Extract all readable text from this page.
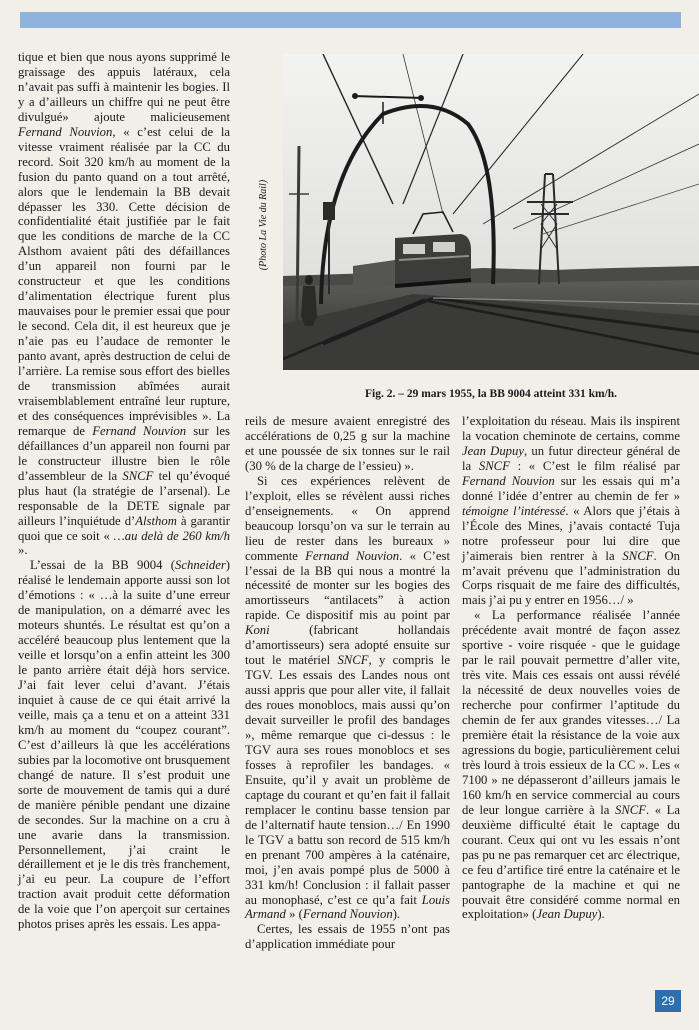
tique et bien que nous ayons supprimé le graissage des appuis latéraux, cela n’avait pas suffi à maintenir les bogies. Il y a d’ailleurs un chiffre qui ne peut être divulgué» ajoute malicieusement Fernand Nouvion, « c’est celui de la vitesse vraiment réalisée par la CC du record. Soit 320 km/h au moment de la fusion du panto quand on a tout arrêté, alors que le lendemain la BB devait dépasser les 330. Cette décision de confidentialité était justifiée par le fait que les conditions de marche de la CC Alsthom avaient pâti des défaillances d’un appareil non fourni par le constructeur et que les conditions d’alimentation électrique furent plus mauvaises pour le premier essai que pour le second. Cela dit, il est heureux que je n’aie pas eu l’audace de remonter le panto avant, après destruction de celui de l’arrière. La remise sous effort des bielles de transmission abîmées aurait vraisemblablement entraîné leur rupture, et des conséquences imprévisibles ». La remarque de Fernand Nouvion sur les défaillances d’un appareil non fourni par le constructeur illustre bien le rôle d’assembleur de la SNCF tel qu’évoqué plus haut (la stratégie de l’arsenal). Le responsable de la DETE signale par ailleurs l’inquiétude d’Alsthom à garantir quoi que ce soit « …au delà de 260 km/h ».

L’essai de la BB 9004 (Schneider) réalisé le lendemain apporte aussi son lot d’émotions : « …à la suite d’une erreur de manipulation, on a démarré avec les moteurs shuntés. Le résultat est qu’on a accéléré beaucoup plus lentement que la veille et lorsqu’on a enfin atteint les 300 le panto arrière était déjà hors service. J’ai fait lever celui d’avant. J’étais inquiet à cause de ce qui était arrivé la veille, mais ça a tenu et on a atteint 331 km/h au moment du “coupez courant”. C’est d’ailleurs là que les accélérations subies par la locomotive ont brusquement changé de nature. Il s’est produit une sorte de mouvement de tamis qui a duré de manière pénible pendant une dizaine de secondes. Sur la machine on a cru à une avarie dans la transmission. Personnellement, j’ai craint le déraillement et je le dis très franchement, j’ai eu peur. La coupure de l’effort traction avait produit cette déformation de la voie que l’on aperçoit sur certaines photos prises après les essais. Les appa-

(Photo La Vie du Rail)

Fig. 2. – 29 mars 1955, la BB 9004 atteint 331 km/h.

reils de mesure avaient enregistré des accélérations de 0,25 g sur la machine et une poussée de six tonnes sur le rail (30 % de la charge de l’essieu) ».

Si ces expériences relèvent de l’exploit, elles se révèlent aussi riches d’enseignements. « On apprend beaucoup lorsqu’on va sur le terrain au lieu de rester dans les bureaux » commente Fernand Nouvion. « C’est l’essai de la BB qui nous a montré la nécessité de monter sur les bogies des amortisseurs “antilacets” à action rapide. Ce dispositif mis au point par Koni (fabricant hollandais d’amortisseurs) sera adopté ensuite sur tout le matériel SNCF, y compris le TGV. Les essais des Landes nous ont aussi appris que pour aller vite, il fallait des roues monoblocs, mais aussi qu’on devait surveiller le profil des bandages », même remarque que ci-dessus : le TGV aura ses roues monoblocs et ses fosses à reprofiler les bandages. « Ensuite, qu’il y avait un problème de captage du courant et qu’en fait il fallait remplacer le continu basse tension par de l’alternatif haute tension…/ En 1990 le TGV a battu son record de 515 km/h en prenant 700 ampères à la caténaire, moi, j’en avais pompé plus de 5000 à 331 km/h! Conclusion : il fallait passer au monophasé, c’est ce qu’a fait Louis Armand » (Fernand Nouvion).

Certes, les essais de 1955 n’ont pas d’application immédiate pour

l’exploitation du réseau. Mais ils inspirent la vocation cheminote de certains, comme Jean Dupuy, un futur directeur général de la SNCF : « C’est le film réalisé par Fernand Nouvion sur les essais qui m’a donné l’idée d’entrer au chemin de fer » témoigne l’intéressé. « Alors que j’étais à l’École des Mines, j’avais contacté Tuja notre professeur pour lui dire que j’aimerais bien rentrer à la SNCF. On m’avait prévenu que l’administration du Corps risquait de me faire des difficultés, mais j’ai pu y entrer en 1956…/ »

« La performance réalisée l’année précédente avait montré de façon assez sportive - voire risquée - que le guidage par le rail pouvait permettre d’aller vite, très vite. Mais ces essais ont aussi révélé la nécessité de deux nouvelles voies de recherche pour confirmer l’aptitude du chemin de fer aux grandes vitesses…/ La première était la résistance de la voie aux agressions du bogie, particulièrement celui très lourd à trois essieux de la CC ». Les « 7100 » ne dépasseront d’ailleurs jamais le 160 km/h en service commercial au cours de leur longue carrière à la SNCF. « La deuxième difficulté était le captage du courant. Ceux qui ont vu les essais n’ont pas pu ne pas remarquer cet arc électrique, ce feu d’artifice tiré entre la caténaire et le pantographe de la machine et qui ne pouvait être considéré comme normal en exploitation» (Jean Dupuy).

29
